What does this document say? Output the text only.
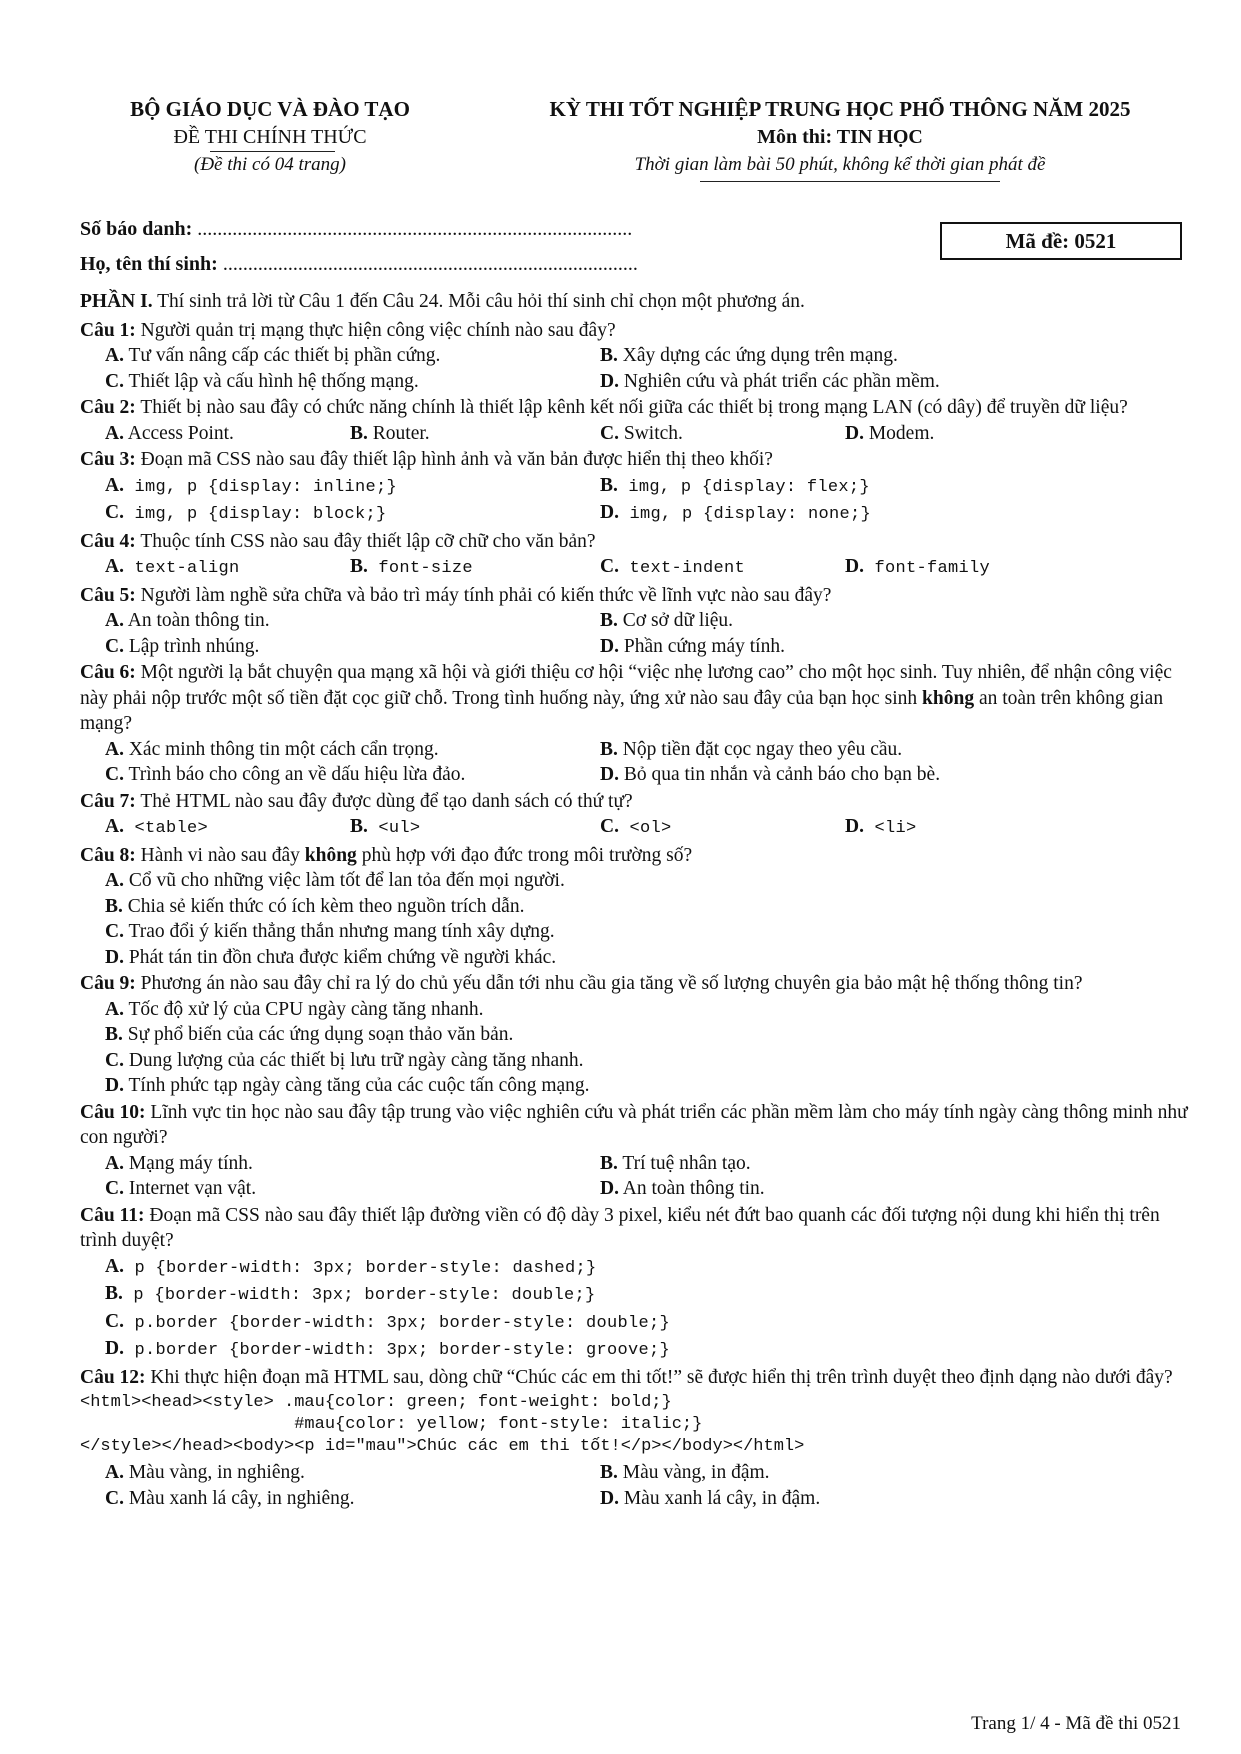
BỘ GIÁO DỤC VÀ ĐÀO TẠO
ĐỀ THI CHÍNH THỨC
(Đề thi có 04 trang)
KỲ THI TỐT NGHIỆP TRUNG HỌC PHỔ THÔNG NĂM 2025
Môn thi: TIN HỌC
Thời gian làm bài 50 phút, không kể thời gian phát đề
Số báo danh: .......................................................................................
Họ, tên thí sinh: ...................................................................................
Mã đề:
0521
PHẦN I. Thí sinh trả lời từ Câu 1 đến Câu 24. Mỗi câu hỏi thí sinh chỉ chọn một phương án.
Câu 1: Người quản trị mạng thực hiện công việc chính nào sau đây?
A. Tư vấn nâng cấp các thiết bị phần cứng.	B. Xây dựng các ứng dụng trên mạng.
C. Thiết lập và cấu hình hệ thống mạng.	D. Nghiên cứu và phát triển các phần mềm.
Câu 2: Thiết bị nào sau đây có chức năng chính là thiết lập kênh kết nối giữa các thiết bị trong mạng LAN (có dây) để truyền dữ liệu?
A. Access Point.	B. Router.	C. Switch.	D. Modem.
Câu 3: Đoạn mã CSS nào sau đây thiết lập hình ảnh và văn bản được hiển thị theo khối?
A. img, p {display: inline;}	B. img, p {display: flex;}
C. img, p {display: block;}	D. img, p {display: none;}
Câu 4: Thuộc tính CSS nào sau đây thiết lập cỡ chữ cho văn bản?
A. text-align	B. font-size	C. text-indent	D. font-family
Câu 5: Người làm nghề sửa chữa và bảo trì máy tính phải có kiến thức về lĩnh vực nào sau đây?
A. An toàn thông tin.	B. Cơ sở dữ liệu.
C. Lập trình nhúng.	D. Phần cứng máy tính.
Câu 6: Một người lạ bắt chuyện qua mạng xã hội và giới thiệu cơ hội “việc nhẹ lương cao” cho một học sinh. Tuy nhiên, để nhận công việc này phải nộp trước một số tiền đặt cọc giữ chỗ. Trong tình huống này, ứng xử nào sau đây của bạn học sinh không an toàn trên không gian mạng?
A. Xác minh thông tin một cách cẩn trọng.	B. Nộp tiền đặt cọc ngay theo yêu cầu.
C. Trình báo cho công an về dấu hiệu lừa đảo.	D. Bỏ qua tin nhắn và cảnh báo cho bạn bè.
Câu 7: Thẻ HTML nào sau đây được dùng để tạo danh sách có thứ tự?
A. <table>	B. <ul>	C. <ol>	D. <li>
Câu 8: Hành vi nào sau đây không phù hợp với đạo đức trong môi trường số?
A. Cổ vũ cho những việc làm tốt để lan tỏa đến mọi người.
B. Chia sẻ kiến thức có ích kèm theo nguồn trích dẫn.
C. Trao đổi ý kiến thẳng thắn nhưng mang tính xây dựng.
D. Phát tán tin đồn chưa được kiểm chứng về người khác.
Câu 9: Phương án nào sau đây chỉ ra lý do chủ yếu dẫn tới nhu cầu gia tăng về số lượng chuyên gia bảo mật hệ thống thông tin?
A. Tốc độ xử lý của CPU ngày càng tăng nhanh.
B. Sự phổ biến của các ứng dụng soạn thảo văn bản.
C. Dung lượng của các thiết bị lưu trữ ngày càng tăng nhanh.
D. Tính phức tạp ngày càng tăng của các cuộc tấn công mạng.
Câu 10: Lĩnh vực tin học nào sau đây tập trung vào việc nghiên cứu và phát triển các phần mềm làm cho máy tính ngày càng thông minh như con người?
A. Mạng máy tính.	B. Trí tuệ nhân tạo.
C. Internet vạn vật.	D. An toàn thông tin.
Câu 11: Đoạn mã CSS nào sau đây thiết lập đường viền có độ dày 3 pixel, kiểu nét đứt bao quanh các đối tượng nội dung khi hiển thị trên trình duyệt?
A. p {border-width: 3px; border-style: dashed;}
B. p {border-width: 3px; border-style: double;}
C. p.border {border-width: 3px; border-style: double;}
D. p.border {border-width: 3px; border-style: groove;}
Câu 12: Khi thực hiện đoạn mã HTML sau, dòng chữ “Chúc các em thi tốt!” sẽ được hiển thị trên trình duyệt theo định dạng nào dưới đây?
<html><head><style> .mau{color: green; font-weight: bold;}
#mau{color: yellow; font-style: italic;}
</style></head><body><p id="mau">Chúc các em thi tốt!</p></body></html>
A. Màu vàng, in nghiêng.	B. Màu vàng, in đậm.
C. Màu xanh lá cây, in nghiêng.	D. Màu xanh lá cây, in đậm.
Trang 1/ 4 - Mã đề thi 0521
